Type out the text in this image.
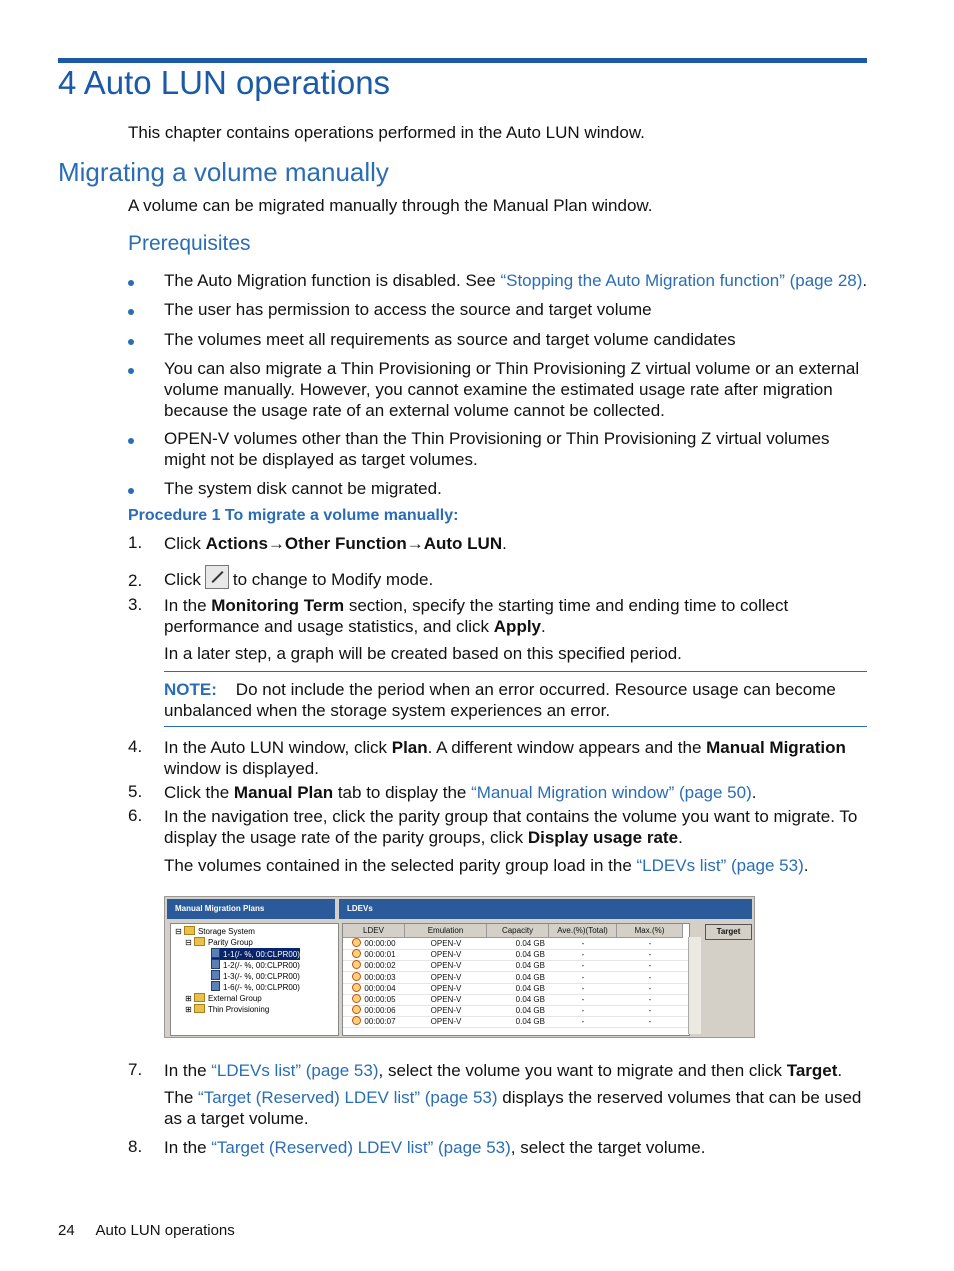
4 Auto LUN operations
This chapter contains operations performed in the Auto LUN window.
Migrating a volume manually
A volume can be migrated manually through the Manual Plan window.
Prerequisites
The Auto Migration function is disabled. See “Stopping the Auto Migration function” (page 28).
The user has permission to access the source and target volume
The volumes meet all requirements as source and target volume candidates
You can also migrate a Thin Provisioning or Thin Provisioning Z virtual volume or an external volume manually. However, you cannot examine the estimated usage rate after migration because the usage rate of an external volume cannot be collected.
OPEN-V volumes other than the Thin Provisioning or Thin Provisioning Z virtual volumes might not be displayed as target volumes.
The system disk cannot be migrated.
Procedure 1 To migrate a volume manually:
1. Click Actions→Other Function→Auto LUN.
2. Click to change to Modify mode.
3. In the Monitoring Term section, specify the starting time and ending time to collect performance and usage statistics, and click Apply.
In a later step, a graph will be created based on this specified period.
NOTE: Do not include the period when an error occurred. Resource usage can become unbalanced when the storage system experiences an error.
4. In the Auto LUN window, click Plan. A different window appears and the Manual Migration window is displayed.
5. Click the Manual Plan tab to display the “Manual Migration window” (page 50).
6. In the navigation tree, click the parity group that contains the volume you want to migrate. To display the usage rate of the parity groups, click Display usage rate.
The volumes contained in the selected parity group load in the “LDEVs list” (page 53).
Manual Migration Plans	LDEVs
⊟ Storage System
⊟ Parity Group
1-1(/- %, 00:CLPR00)
1-2(/- %, 00:CLPR00)
1-3(/- %, 00:CLPR00)
1-6(/- %, 00:CLPR00)
⊞ External Group
⊞ Thin Provisioning
LDEV	Emulation	Capacity	Ave.(%)(Total)	Max.(%)
00:00:00	OPEN-V	0.04 GB	-	-
00:00:01	OPEN-V	0.04 GB	-	-
00:00:02	OPEN-V	0.04 GB	-	-
00:00:03	OPEN-V	0.04 GB	-	-
00:00:04	OPEN-V	0.04 GB	-	-
00:00:05	OPEN-V	0.04 GB	-	-
00:00:06	OPEN-V	0.04 GB	-	-
00:00:07	OPEN-V	0.04 GB	-	-
Target
7. In the “LDEVs list” (page 53), select the volume you want to migrate and then click Target.
The “Target (Reserved) LDEV list” (page 53) displays the reserved volumes that can be used as a target volume.
8. In the “Target (Reserved) LDEV list” (page 53), select the target volume.
24 Auto LUN operations
